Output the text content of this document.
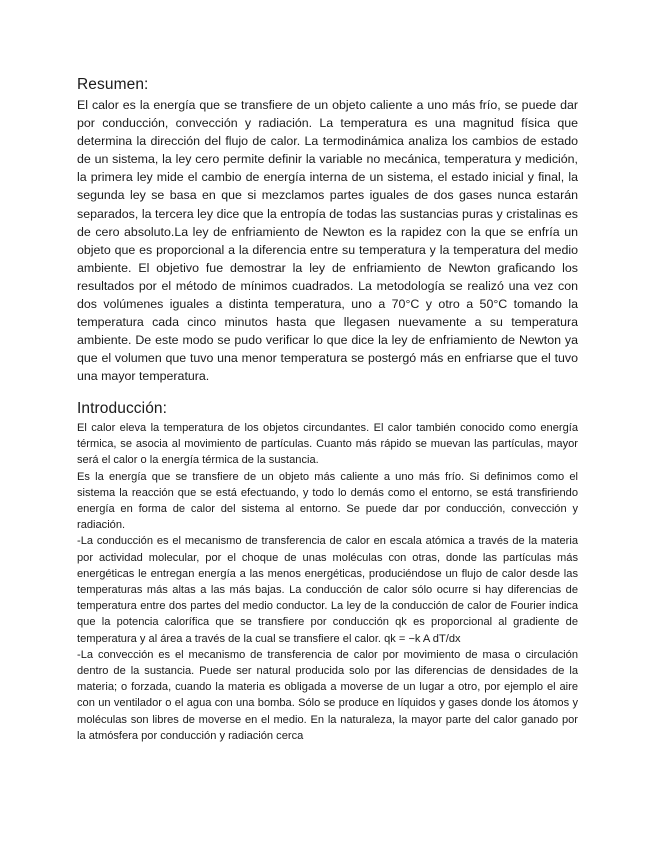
Resumen:

El calor es la energía que se transfiere de un objeto caliente a uno más frío, se puede dar por conducción, convección y radiación. La temperatura es una magnitud física que determina la dirección del flujo de calor. La termodinámica analiza los cambios de estado de un sistema, la ley cero permite definir la variable no mecánica, temperatura y medición, la primera ley mide el cambio de energía interna de un sistema, el estado inicial y final, la segunda ley se basa en que si mezclamos partes iguales de dos gases nunca estarán separados, la tercera ley dice que la entropía de todas las sustancias puras y cristalinas es de cero absoluto.La ley de enfriamiento de Newton es la rapidez con la que se enfría un objeto que es proporcional a la diferencia entre su temperatura y la temperatura del medio ambiente. El objetivo fue demostrar la ley de enfriamiento de Newton graficando los resultados por el método de mínimos cuadrados. La metodología se realizó una vez con dos volúmenes iguales a distinta temperatura, uno a 70°C y otro a 50°C tomando la temperatura cada cinco minutos hasta que llegasen nuevamente a su temperatura ambiente. De este modo se pudo verificar lo que dice la ley de enfriamiento de Newton ya que el volumen que tuvo una menor temperatura se postergó más en enfriarse que el tuvo una mayor temperatura.

Introducción:

El calor eleva la temperatura de los objetos circundantes. El calor también conocido como energía térmica, se asocia al movimiento de partículas. Cuanto más rápido se muevan las partículas, mayor será el calor o la energía térmica de la sustancia.

Es la energía que se transfiere de un objeto más caliente a uno más frío. Si definimos como el sistema la reacción que se está efectuando, y todo lo demás como el entorno, se está transfiriendo energía en forma de calor del sistema al entorno. Se puede dar por conducción, convección y radiación.

-La conducción es el mecanismo de transferencia de calor en escala atómica a través de la materia por actividad molecular, por el choque de unas moléculas con otras, donde las partículas más energéticas le entregan energía a las menos energéticas, produciéndose un flujo de calor desde las temperaturas más altas a las más bajas. La conducción de calor sólo ocurre si hay diferencias de temperatura entre dos partes del medio conductor. La ley de la conducción de calor de Fourier indica que la potencia calorífica que se transfiere por conducción qk es proporcional al gradiente de temperatura y al área a través de la cual se transfiere el calor. qk = −k A dT/dx

-La convección es el mecanismo de transferencia de calor por movimiento de masa o circulación dentro de la sustancia. Puede ser natural producida solo por las diferencias de densidades de la materia; o forzada, cuando la materia es obligada a moverse de un lugar a otro, por ejemplo el aire con un ventilador o el agua con una bomba. Sólo se produce en líquidos y gases donde los átomos y moléculas son libres de moverse en el medio. En la naturaleza, la mayor parte del calor ganado por la atmósfera por conducción y radiación cerca
